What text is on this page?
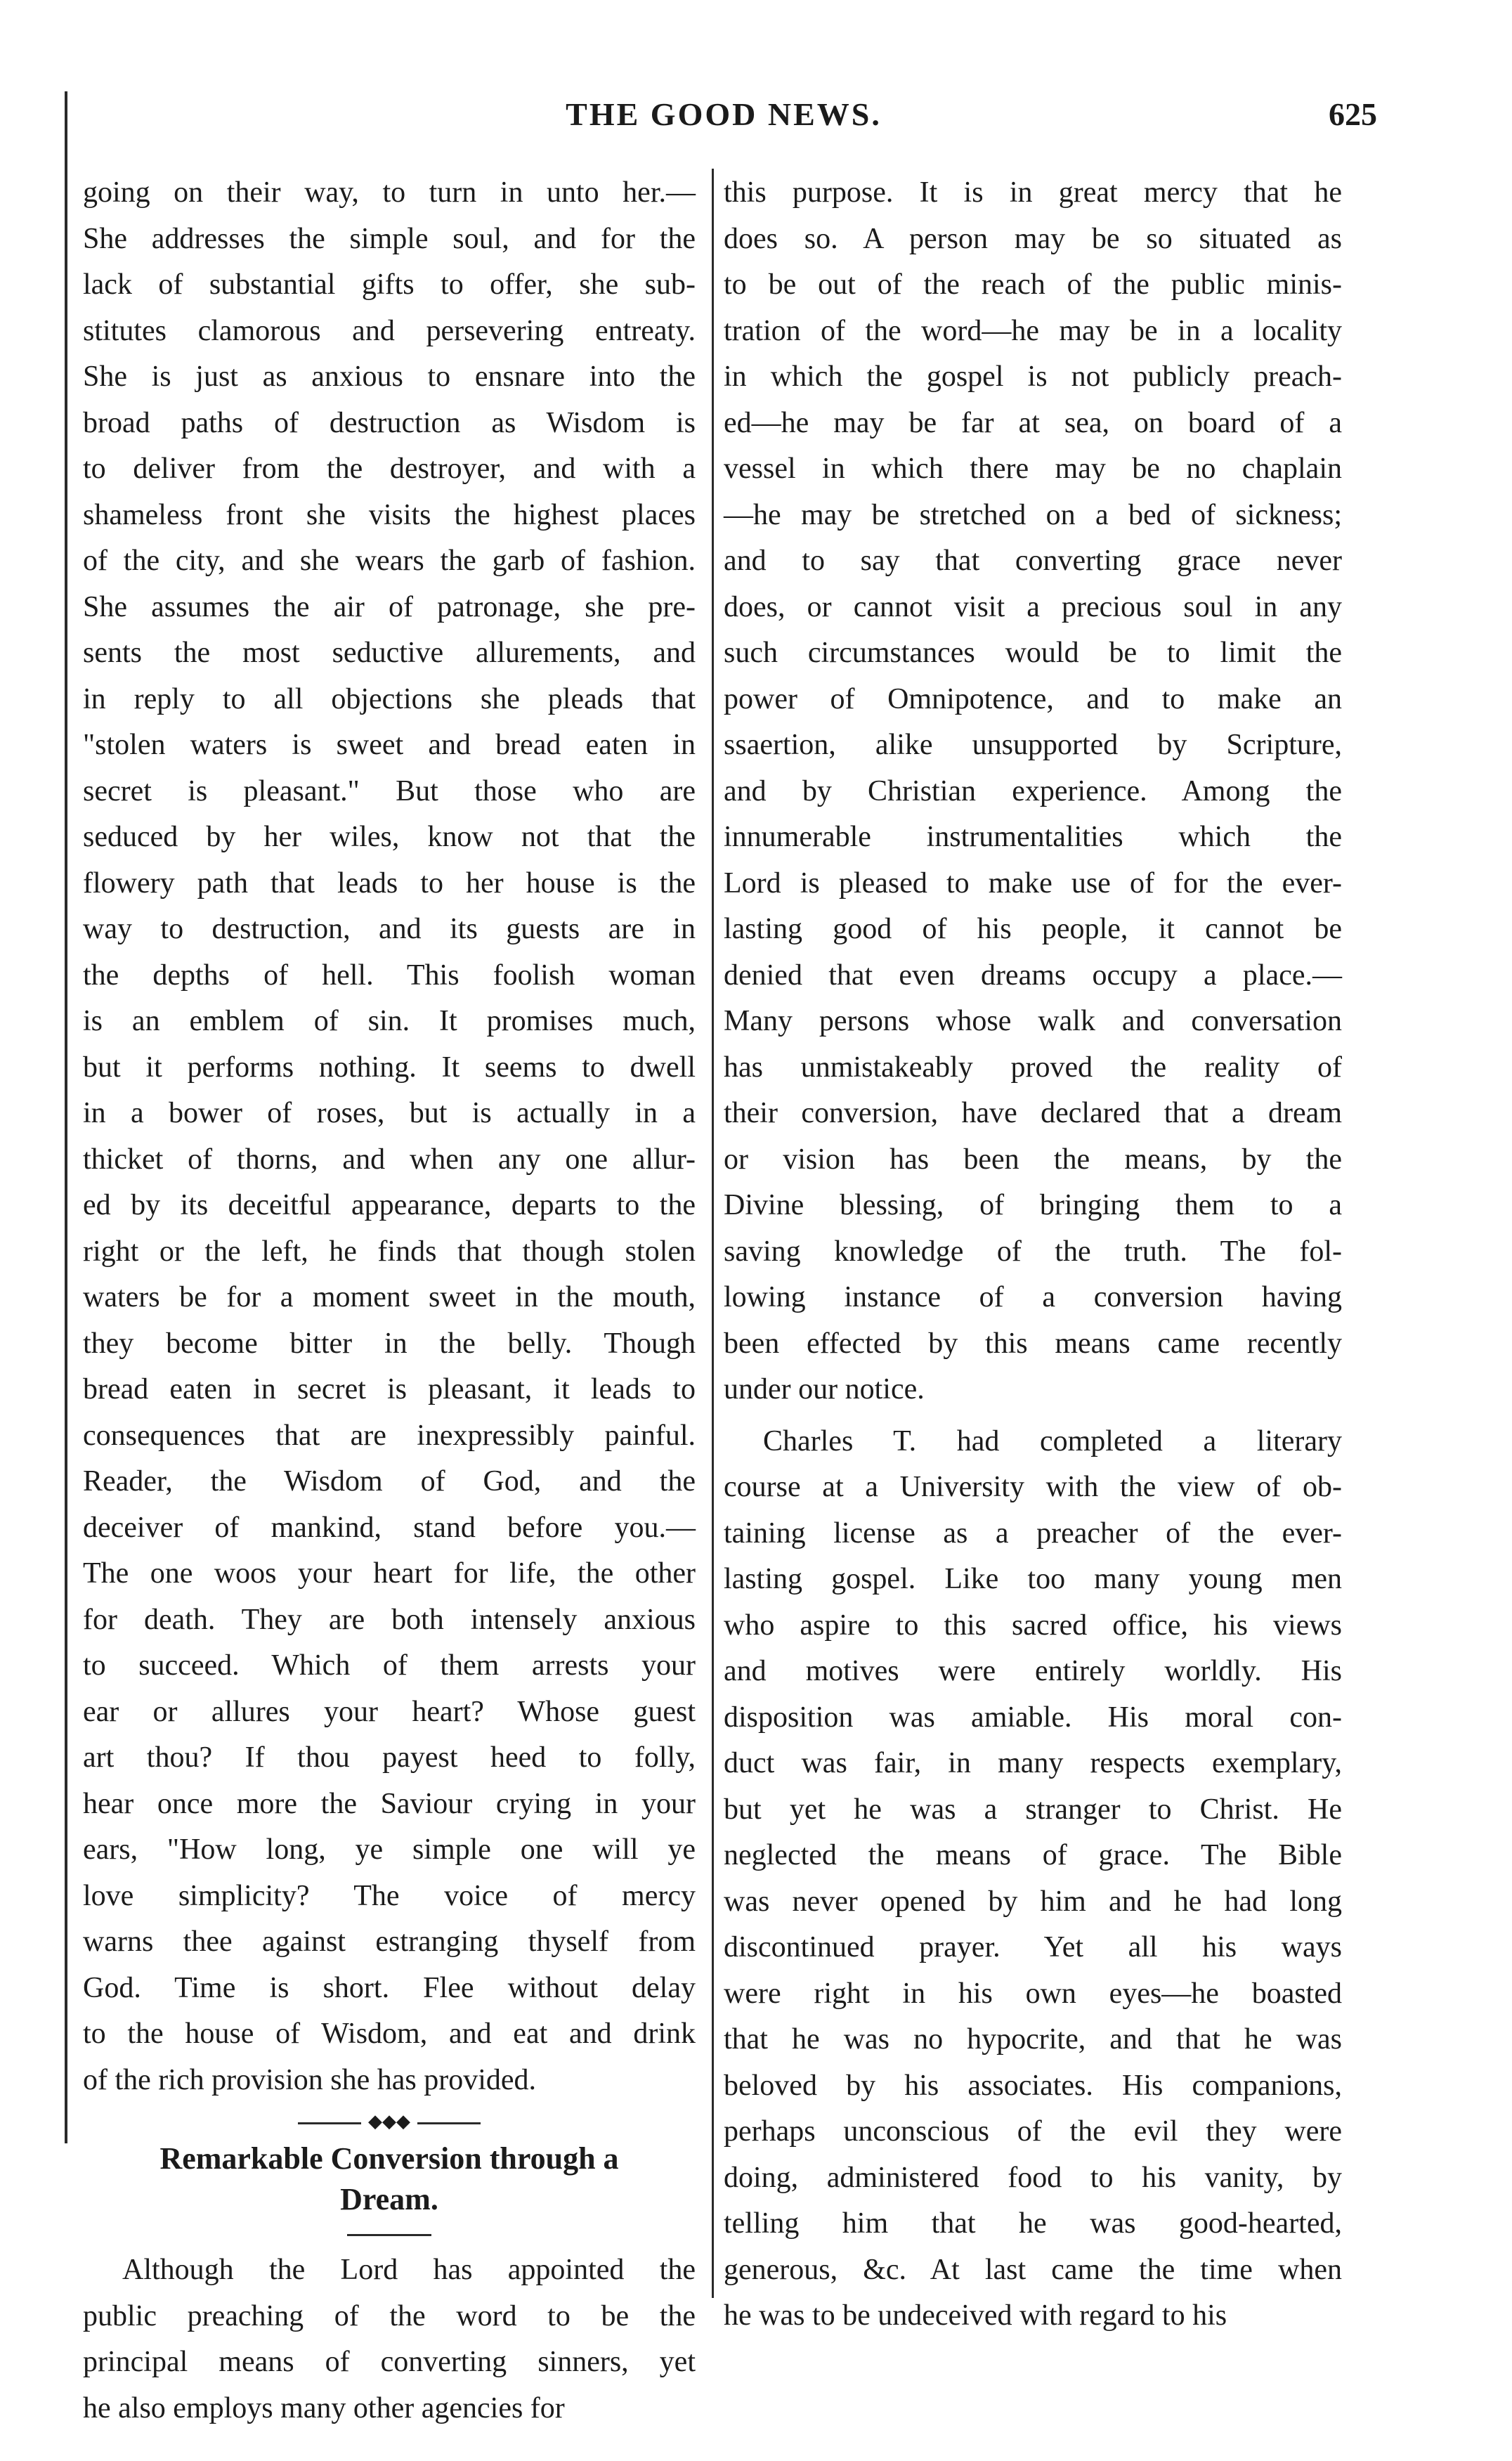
THE GOOD NEWS.	625
going on their way, to turn in unto her.—
She addresses the simple soul, and for the
lack of substantial gifts to offer, she sub-
stitutes clamorous and persevering entreaty.
She is just as anxious to ensnare into the
broad paths of destruction as Wisdom is
to deliver from the destroyer, and with a
shameless front she visits the highest places
of the city, and she wears the garb of fashion.
She assumes the air of patronage, she pre-
sents the most seductive allurements, and
in reply to all objections she pleads that
"stolen waters is sweet and bread eaten in
secret is pleasant." But those who are
seduced by her wiles, know not that the
flowery path that leads to her house is the
way to destruction, and its guests are in
the depths of hell. This foolish woman
is an emblem of sin. It promises much,
but it performs nothing. It seems to dwell
in a bower of roses, but is actually in a
thicket of thorns, and when any one allur-
ed by its deceitful appearance, departs to the
right or the left, he finds that though stolen
waters be for a moment sweet in the mouth,
they become bitter in the belly. Though
bread eaten in secret is pleasant, it leads to
consequences that are inexpressibly painful.
Reader, the Wisdom of God, and the
deceiver of mankind, stand before you.—
The one woos your heart for life, the other
for death. They are both intensely anxious
to succeed. Which of them arrests your
ear or allures your heart? Whose guest
art thou? If thou payest heed to folly,
hear once more the Saviour crying in your
ears, "How long, ye simple one will ye
love simplicity? The voice of mercy
warns thee against estranging thyself from
God. Time is short. Flee without delay
to the house of Wisdom, and eat and drink
of the rich provision she has provided.
◆◆◆
Remarkable Conversion through a
Dream.
Although the Lord has appointed the
public preaching of the word to be the
principal means of converting sinners, yet
he also employs many other agencies for
this purpose. It is in great mercy that he
does so. A person may be so situated as
to be out of the reach of the public minis-
tration of the word—he may be in a locality
in which the gospel is not publicly preach-
ed—he may be far at sea, on board of a
vessel in which there may be no chaplain
—he may be stretched on a bed of sickness;
and to say that converting grace never
does, or cannot visit a precious soul in any
such circumstances would be to limit the
power of Omnipotence, and to make an
ssaertion, alike unsupported by Scripture,
and by Christian experience. Among the
innumerable instrumentalities which the
Lord is pleased to make use of for the ever-
lasting good of his people, it cannot be
denied that even dreams occupy a place.—
Many persons whose walk and conversation
has unmistakeably proved the reality of
their conversion, have declared that a dream
or vision has been the means, by the
Divine blessing, of bringing them to a
saving knowledge of the truth. The fol-
lowing instance of a conversion having
been effected by this means came recently
under our notice.
Charles T. had completed a literary
course at a University with the view of ob-
taining license as a preacher of the ever-
lasting gospel. Like too many young men
who aspire to this sacred office, his views
and motives were entirely worldly. His
disposition was amiable. His moral con-
duct was fair, in many respects exemplary,
but yet he was a stranger to Christ. He
neglected the means of grace. The Bible
was never opened by him and he had long
discontinued prayer. Yet all his ways
were right in his own eyes—he boasted
that he was no hypocrite, and that he was
beloved by his associates. His companions,
perhaps unconscious of the evil they were
doing, administered food to his vanity, by
telling him that he was good-hearted,
generous, &c. At last came the time when
he was to be undeceived with regard to his
